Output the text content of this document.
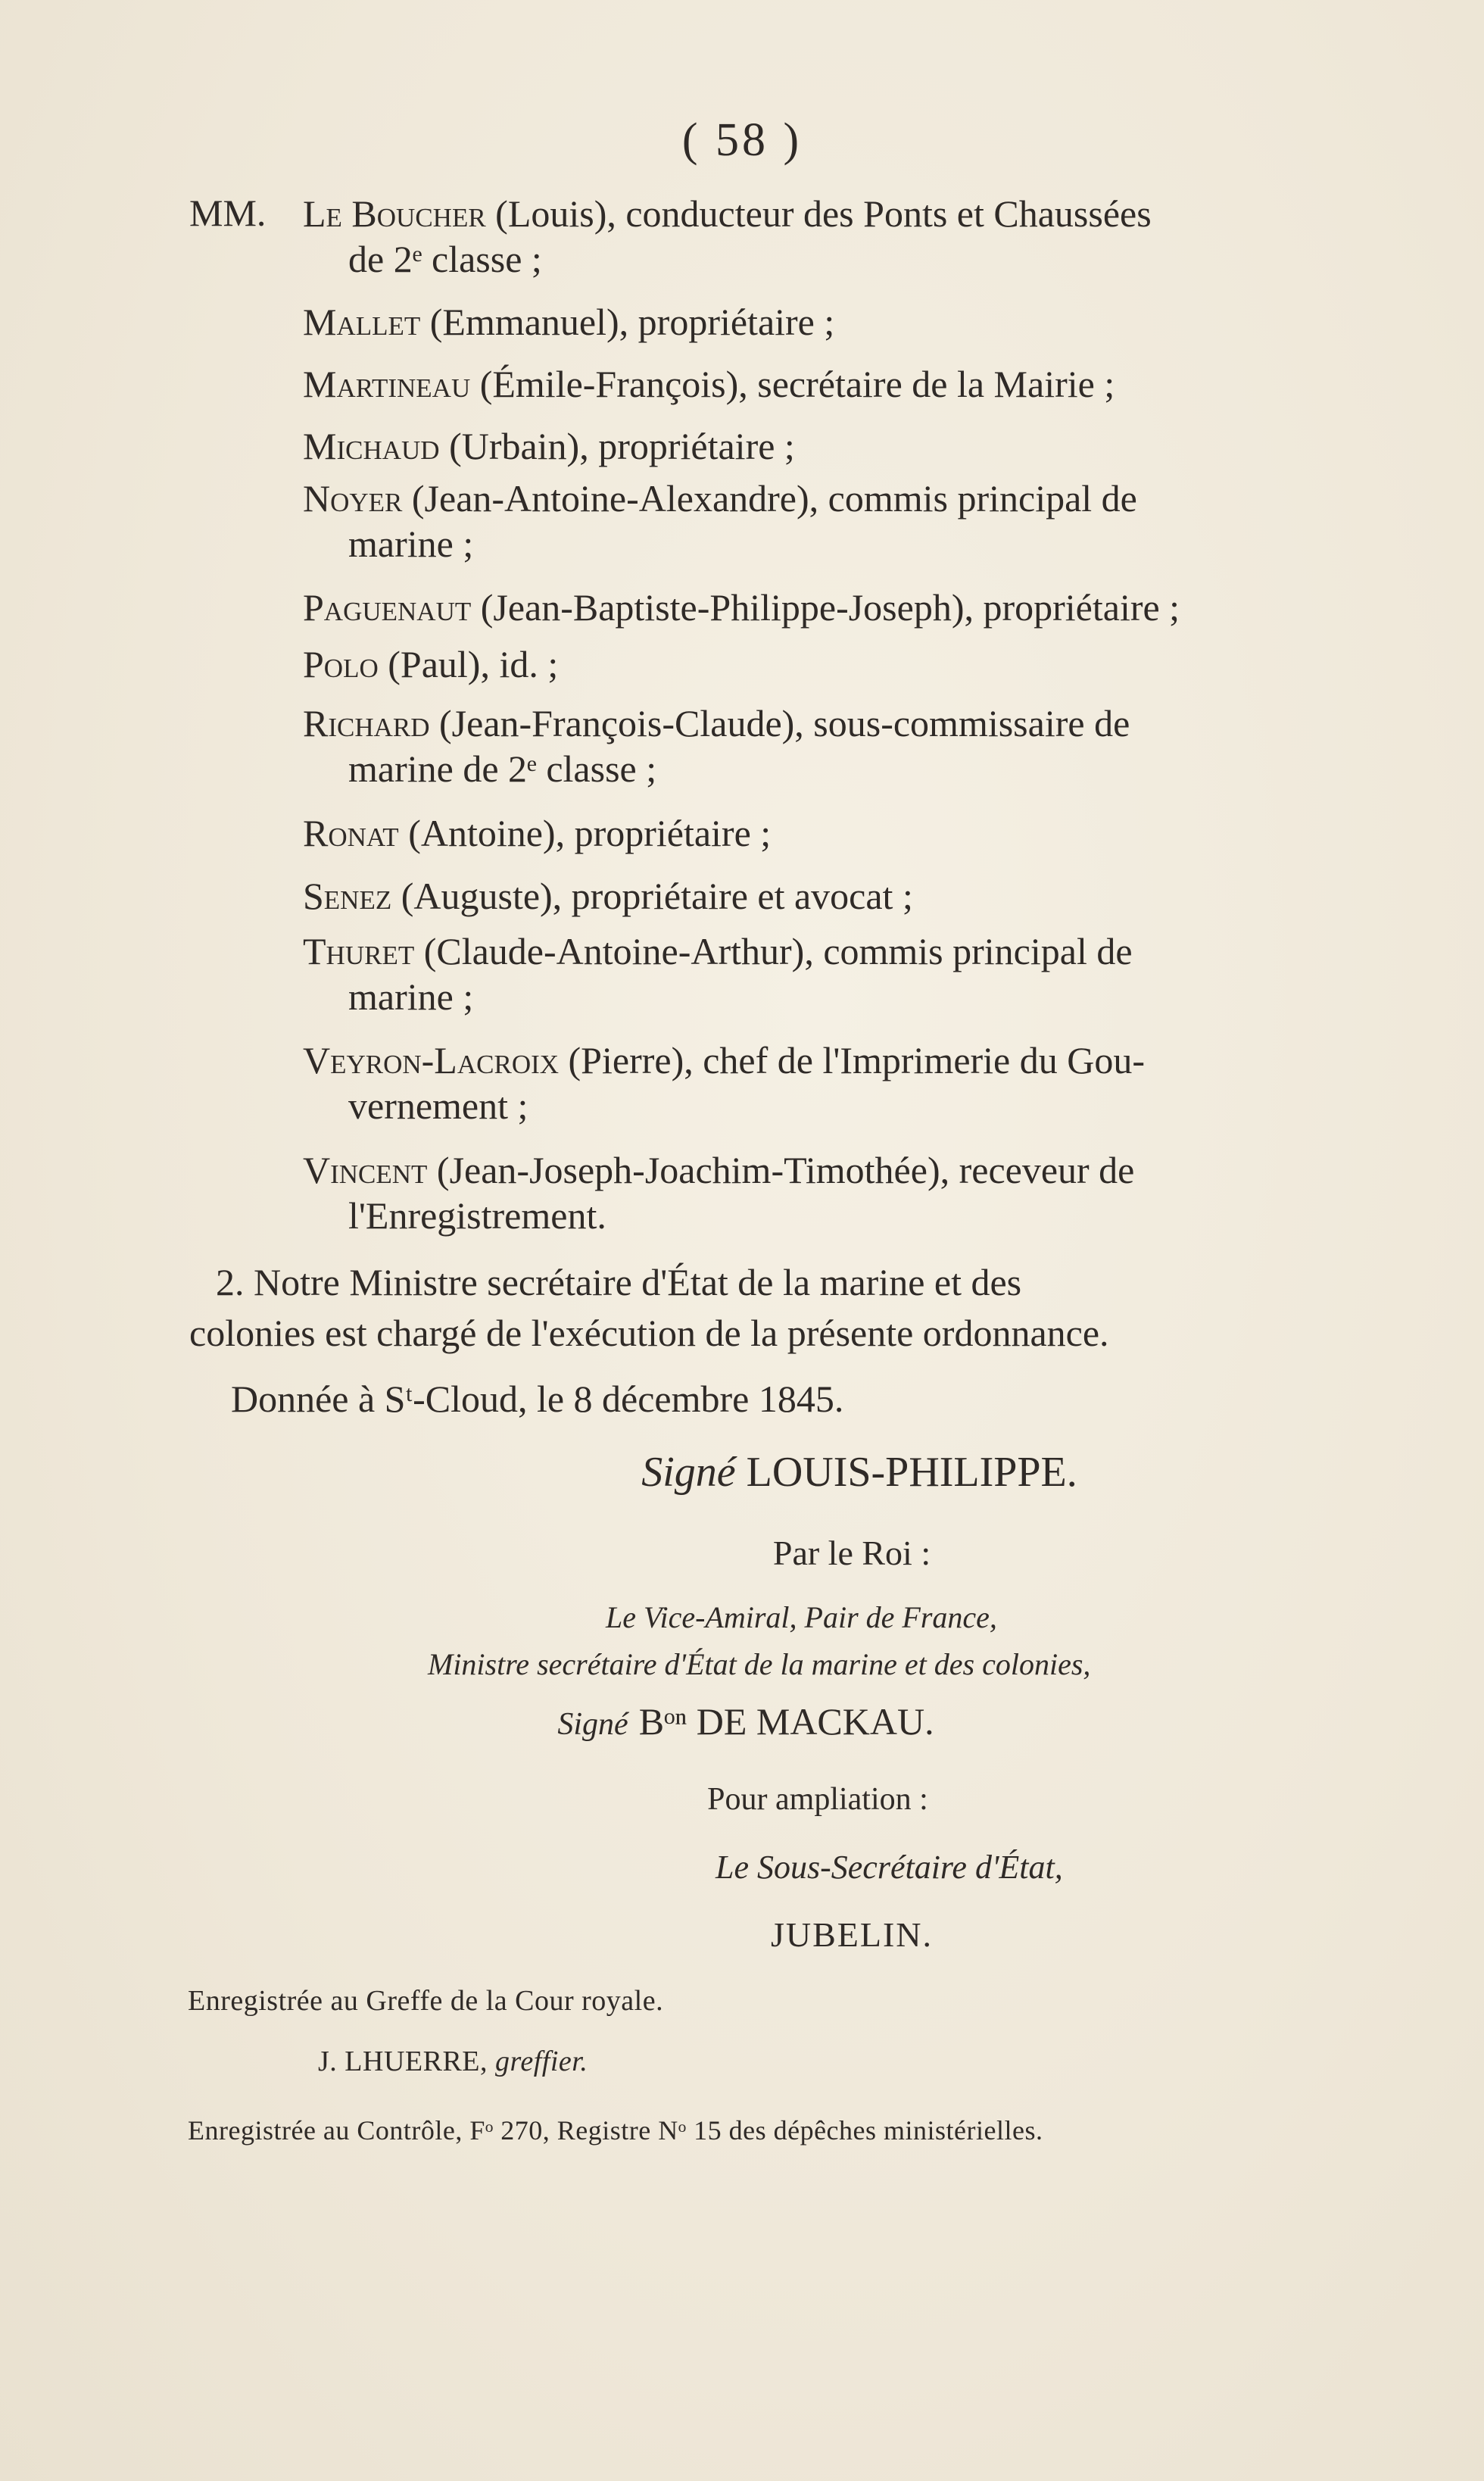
( 58 )
MM. Le Boucher (Louis), conducteur des Ponts et Chaussées
de 2ᵉ classe ;
Mallet (Emmanuel), propriétaire ;
Martineau (Émile-François), secrétaire de la Mairie ;
Michaud (Urbain), propriétaire ;
Noyer (Jean-Antoine-Alexandre), commis principal de
marine ;
Paguenaut (Jean-Baptiste-Philippe-Joseph), propriétaire ;
Polo (Paul), id. ;
Richard (Jean-François-Claude), sous-commissaire de
marine de 2ᵉ classe ;
Ronat (Antoine), propriétaire ;
Senez (Auguste), propriétaire et avocat ;
Thuret (Claude-Antoine-Arthur), commis principal de
marine ;
Veyron-Lacroix (Pierre), chef de l'Imprimerie du Gou-
vernement ;
Vincent (Jean-Joseph-Joachim-Timothée), receveur de
l'Enregistrement.
2. Notre Ministre secrétaire d'État de la marine et des
colonies est chargé de l'exécution de la présente ordonnance.
Donnée à Sᵗ-Cloud, le 8 décembre 1845.
Signé LOUIS-PHILIPPE.
Par le Roi :
Le Vice-Amiral, Pair de France,
Ministre secrétaire d'État de la marine et des colonies,
Signé Bᵒⁿ DE MACKAU.
Pour ampliation :
Le Sous-Secrétaire d'État,
JUBELIN.
Enregistrée au Greffe de la Cour royale.
J. LHUERRE, greffier.
Enregistrée au Contrôle, Fᵒ 270, Registre Nᵒ 15 des dépêches ministérielles.
